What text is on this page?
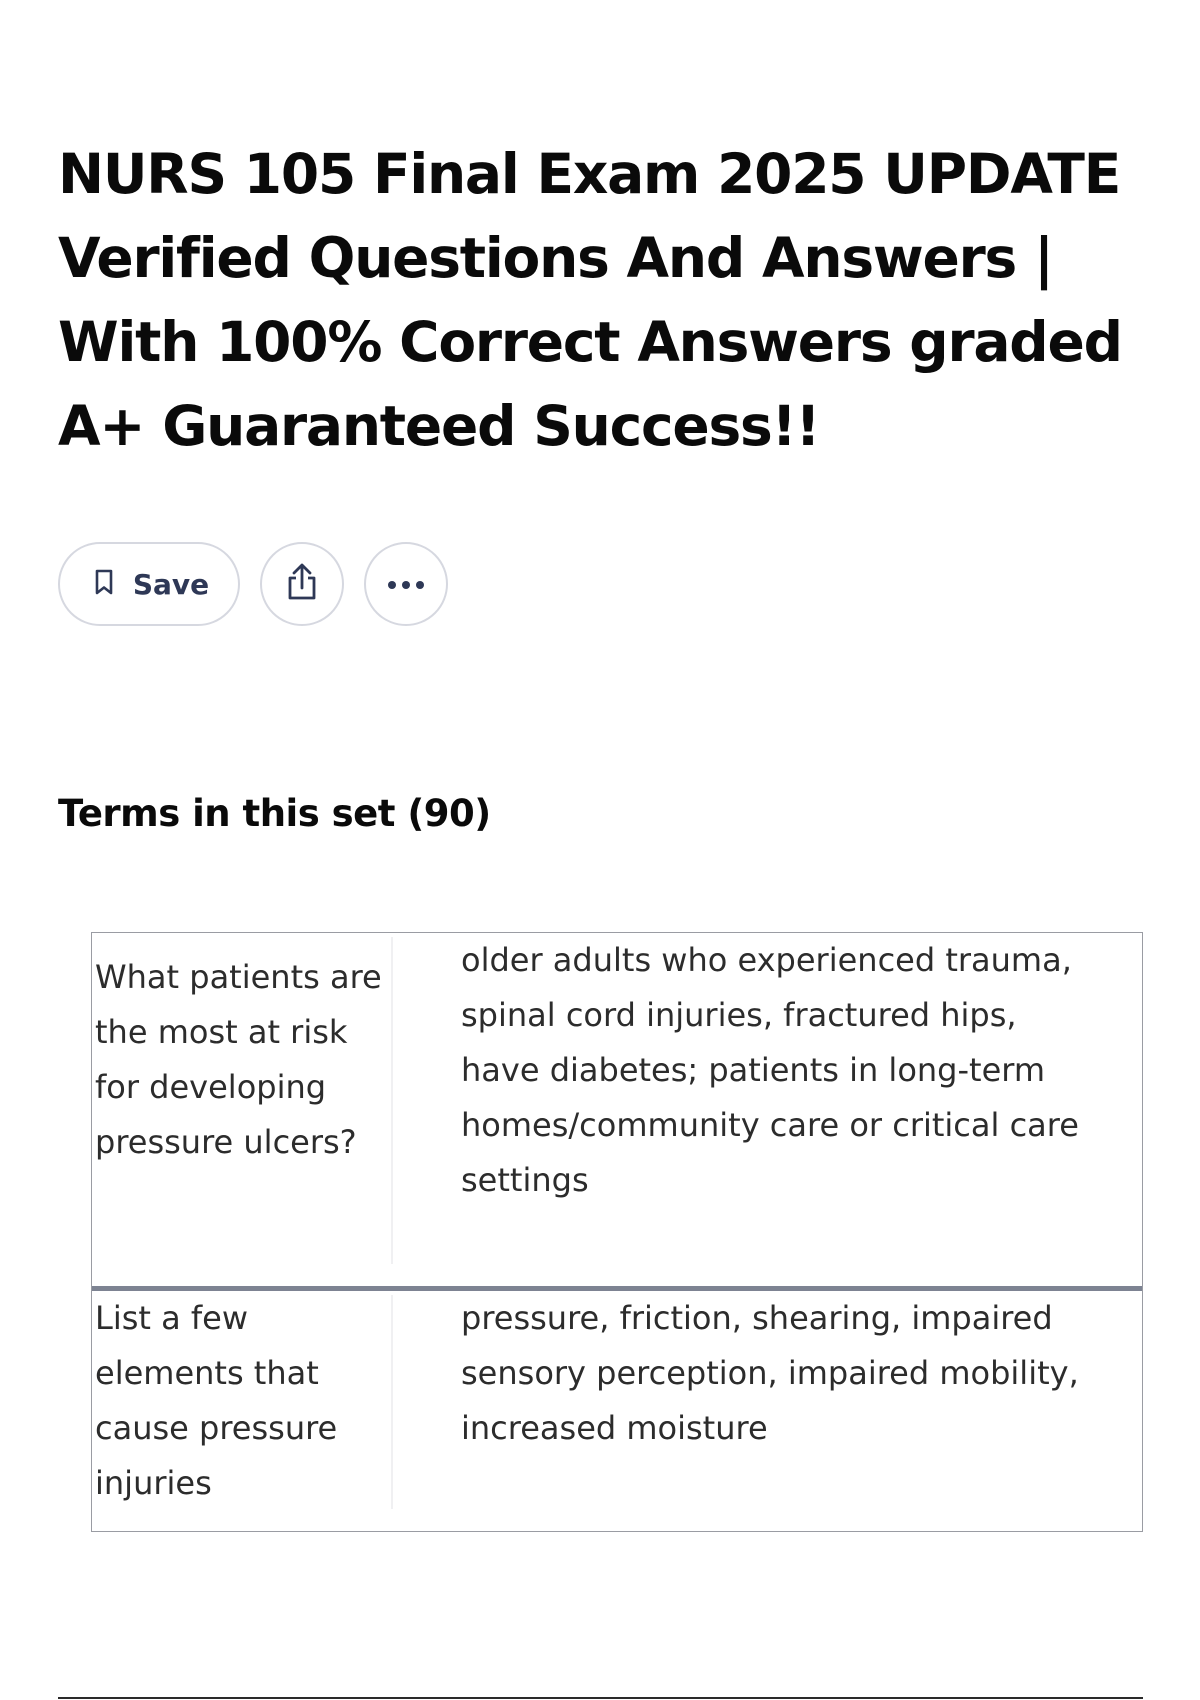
NURS 105 Final Exam 2025 UPDATE Verified Questions And Answers | With 100% Correct Answers graded A+ Guaranteed Success!!
Save
Terms in this set (90)
What patients are the most at risk for developing pressure ulcers?
older adults who experienced trauma, spinal cord injuries, fractured hips, have diabetes; patients in long-term homes/community care or critical care settings
List a few elements that cause pressure injuries
pressure, friction, shearing, impaired sensory perception, impaired mobility, increased moisture
